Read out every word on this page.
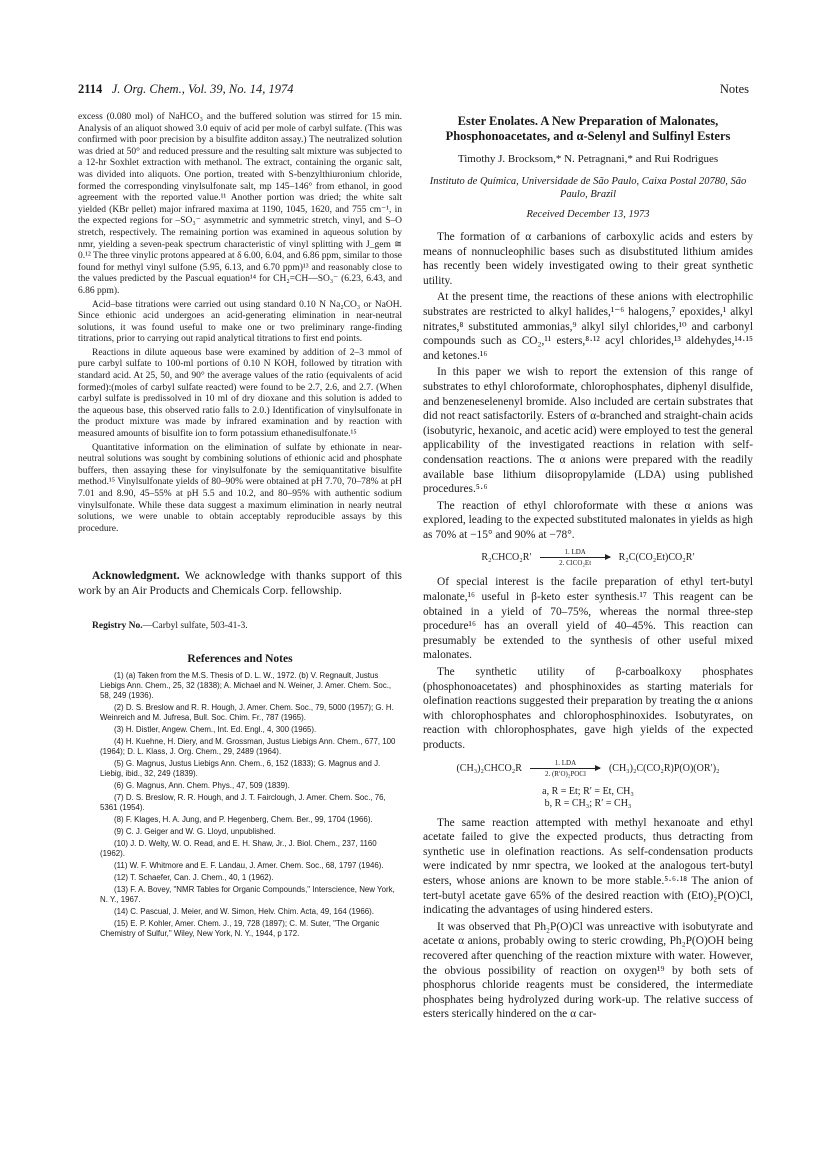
2114 J. Org. Chem., Vol. 39, No. 14, 1974	Notes

excess (0.080 mol) of NaHCO₃ and the buffered solution was stirred for 15 min. Analysis of an aliquot showed 3.0 equiv of acid per mole of carbyl sulfate. (This was confirmed with poor precision by a bisulfite additon assay.) The neutralized solution was dried at 50° and reduced pressure and the resulting salt mixture was subjected to a 12-hr Soxhlet extraction with methanol. The extract, containing the organic salt, was divided into aliquots. One portion, treated with S-benzylthiuronium chloride, formed the corresponding vinylsulfonate salt, mp 145–146° from ethanol, in good agreement with the reported value.¹¹ Another portion was dried; the white salt yielded (KBr pellet) major infrared maxima at 1190, 1045, 1620, and 755 cm⁻¹, in the expected regions for –SO₃⁻ asymmetric and symmetric stretch, vinyl, and S–O stretch, respectively. The remaining portion was examined in aqueous solution by nmr, yielding a seven-peak spectrum characteristic of vinyl splitting with J_gem ≅ 0.¹² The three vinylic protons appeared at δ 6.00, 6.04, and 6.86 ppm, similar to those found for methyl vinyl sulfone (5.95, 6.13, and 6.70 ppm)¹³ and reasonably close to the values predicted by the Pascual equation¹⁴ for CH₂=CH—SO₃⁻ (6.23, 6.43, and 6.86 ppm).

Acid–base titrations were carried out using standard 0.10 N Na₂CO₃ or NaOH. Since ethionic acid undergoes an acid-generating elimination in near-neutral solutions, it was found useful to make one or two preliminary range-finding titrations, prior to carrying out rapid analytical titrations to first end points.

Reactions in dilute aqueous base were examined by addition of 2–3 mmol of pure carbyl sulfate to 100-ml portions of 0.10 N KOH, followed by titration with standard acid. At 25, 50, and 90° the average values of the ratio (equivalents of acid formed):(moles of carbyl sulfate reacted) were found to be 2.7, 2.6, and 2.7. (When carbyl sulfate is predissolved in 10 ml of dry dioxane and this solution is added to the aqueous base, this observed ratio falls to 2.0.) Identification of vinylsulfonate in the product mixture was made by infrared examination and by reaction with measured amounts of bisulfite ion to form potassium ethanedisulfonate.¹⁵

Quantitative information on the elimination of sulfate by ethionate in near-neutral solutions was sought by combining solutions of ethionic acid and phosphate buffers, then assaying these for vinylsulfonate by the semiquantitative bisulfite method.¹⁵ Vinylsulfonate yields of 80–90% were obtained at pH 7.70, 70–78% at pH 7.01 and 8.90, 45–55% at pH 5.5 and 10.2, and 80–95% with authentic sodium vinylsulfonate. While these data suggest a maximum elimination in nearly neutral solutions, we were unable to obtain acceptably reproducible assays by this procedure.

Acknowledgment. We acknowledge with thanks support of this work by an Air Products and Chemicals Corp. fellowship.
Registry No.—Carbyl sulfate, 503-41-3.
References and Notes

(1) (a) Taken from the M.S. Thesis of D. L. W., 1972. (b) V. Regnault, Justus Liebigs Ann. Chem., 25, 32 (1838); A. Michael and N. Weiner, J. Amer. Chem. Soc., 58, 249 (1936).

(2) D. S. Breslow and R. R. Hough, J. Amer. Chem. Soc., 79, 5000 (1957); G. H. Weinreich and M. Jufresa, Bull. Soc. Chim. Fr., 787 (1965).

(3) H. Distler, Angew. Chem., Int. Ed. Engl., 4, 300 (1965).

(4) H. Kuehne, H. Diery, and M. Grossman, Justus Liebigs Ann. Chem., 677, 100 (1964); D. L. Klass, J. Org. Chem., 29, 2489 (1964).

(5) G. Magnus, Justus Liebigs Ann. Chem., 6, 152 (1833); G. Magnus and J. Liebig, ibid., 32, 249 (1839).

(6) G. Magnus, Ann. Chem. Phys., 47, 509 (1839).

(7) D. S. Breslow, R. R. Hough, and J. T. Fairclough, J. Amer. Chem. Soc., 76, 5361 (1954).

(8) F. Klages, H. A. Jung, and P. Hegenberg, Chem. Ber., 99, 1704 (1966).

(9) C. J. Geiger and W. G. Lloyd, unpublished.

(10) J. D. Welty, W. O. Read, and E. H. Shaw, Jr., J. Biol. Chem., 237, 1160 (1962).

(11) W. F. Whitmore and E. F. Landau, J. Amer. Chem. Soc., 68, 1797 (1946).

(12) T. Schaefer, Can. J. Chem., 40, 1 (1962).

(13) F. A. Bovey, "NMR Tables for Organic Compounds," Interscience, New York, N. Y., 1967.

(14) C. Pascual, J. Meier, and W. Simon, Helv. Chim. Acta, 49, 164 (1966).

(15) E. P. Kohler, Amer. Chem. J., 19, 728 (1897); C. M. Suter, "The Organic Chemistry of Sulfur," Wiley, New York, N. Y., 1944, p 172.

Ester Enolates. A New Preparation of Malonates, Phosphonoacetates, and α-Selenyl and Sulfinyl Esters
Timothy J. Brocksom,* N. Petragnani,* and Rui Rodrigues
Instituto de Química, Universidade de São Paulo, Caixa Postal 20780, São Paulo, Brazil
Received December 13, 1973

The formation of α carbanions of carboxylic acids and esters by means of nonnucleophilic bases such as disubstituted lithium amides has recently been widely investigated owing to their great synthetic utility.

At the present time, the reactions of these anions with electrophilic substrates are restricted to alkyl halides,¹⁻⁶ halogens,⁷ epoxides,¹ alkyl nitrates,⁸ substituted ammonias,⁹ alkyl silyl chlorides,¹⁰ and carbonyl compounds such as CO₂,¹¹ esters,⁸·¹² acyl chlorides,¹³ aldehydes,¹⁴·¹⁵ and ketones.¹⁶

In this paper we wish to report the extension of this range of substrates to ethyl chloroformate, chlorophosphates, diphenyl disulfide, and benzeneselenenyl bromide. Also included are certain substrates that did not react satisfactorily. Esters of α-branched and straight-chain acids (isobutyric, hexanoic, and acetic acid) were employed to test the general applicability of the investigated reactions in relation with self-condensation reactions. The α anions were prepared with the readily available base lithium diisopropylamide (LDA) using published procedures.⁵·⁶

The reaction of ethyl chloroformate with these α anions was explored, leading to the expected substituted malonates in yields as high as 70% at −15° and 90% at −78°.

R₂CHCO₂R′	1. LDA
2. ClCO₂Et R₂C(CO₂Et)CO₂R′

Of special interest is the facile preparation of ethyl tert-butyl malonate,¹⁶ useful in β-keto ester synthesis.¹⁷ This reagent can be obtained in a yield of 70–75%, whereas the normal three-step procedure¹⁶ has an overall yield of 40–45%. This reaction can presumably be extended to the synthesis of other useful mixed malonates.

The synthetic utility of β-carboalkoxy phosphates (phosphonoacetates) and phosphinoxides as starting materials for olefination reactions suggested their preparation by treating the α anions with chlorophosphates and chlorophosphinoxides. Isobutyrates, on reaction with chlorophosphates, gave high yields of the expected products.

(CH₃)₂CHCO₂R	1. LDA
2. (R′O)₂POCl (CH₃)₂C(CO₂R)P(O)(OR′)₂
a, R = Et; R′ = Et, CH₃
b, R = CH₃; R′ = CH₃

The same reaction attempted with methyl hexanoate and ethyl acetate failed to give the expected products, thus detracting from synthetic use in olefination reactions. As self-condensation products were indicated by nmr spectra, we looked at the analogous tert-butyl esters, whose anions are known to be more stable.⁵·⁶·¹⁸ The anion of tert-butyl acetate gave 65% of the desired reaction with (EtO)₂P(O)Cl, indicating the advantages of using hindered esters.

It was observed that Ph₂P(O)Cl was unreactive with isobutyrate and acetate α anions, probably owing to steric crowding, Ph₂P(O)OH being recovered after quenching of the reaction mixture with water. However, the obvious possibility of reaction on oxygen¹⁹ by both sets of phosphorus chloride reagents must be considered, the intermediate phosphates being hydrolyzed during work-up. The relative success of esters sterically hindered on the α car-
